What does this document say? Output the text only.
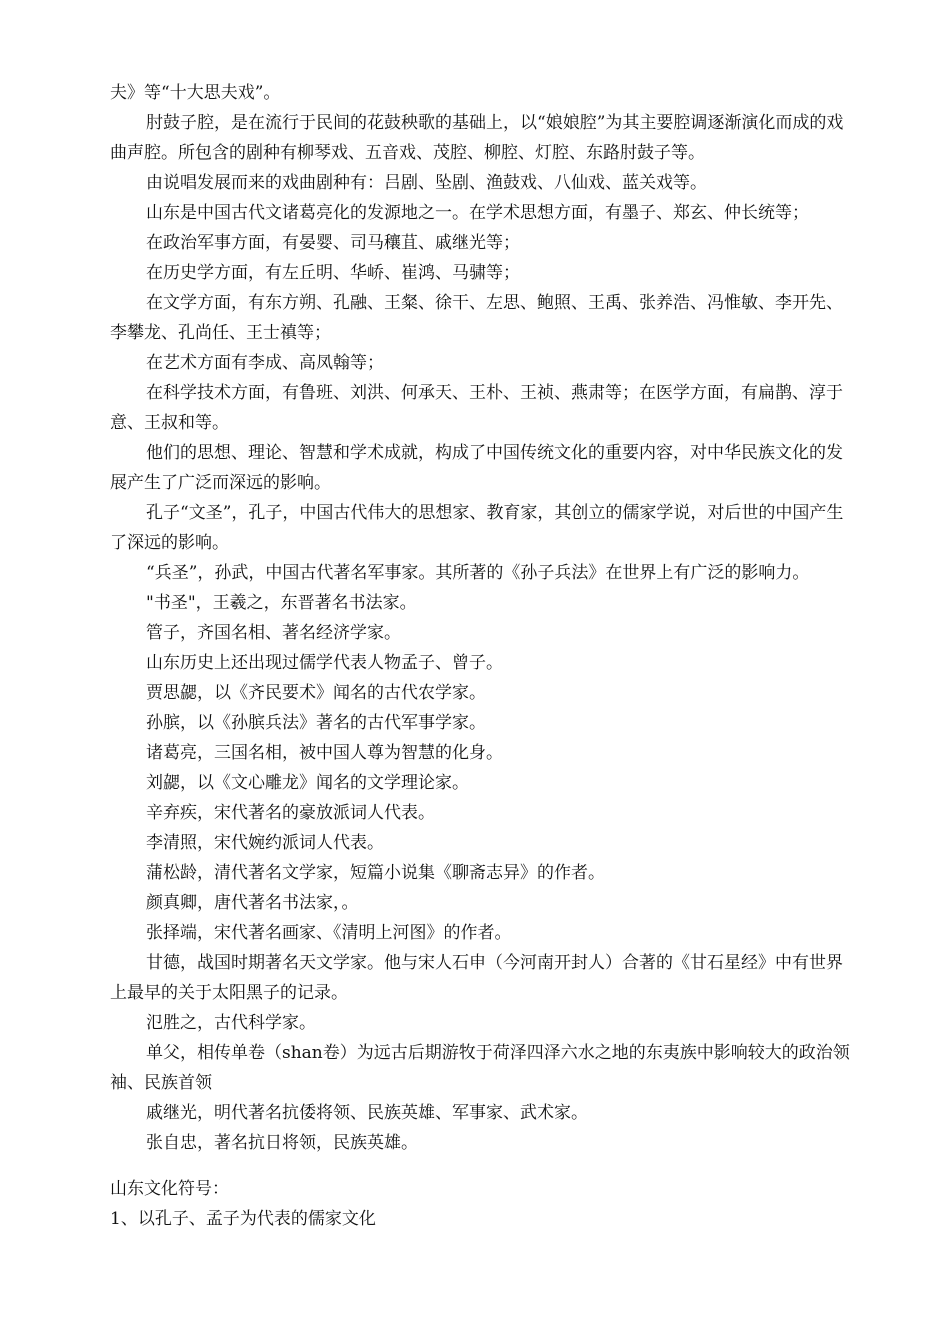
夫》等“十大思夫戏”。

肘鼓子腔，是在流行于民间的花鼓秧歌的基础上，以“娘娘腔”为其主要腔调逐渐演化而成的戏曲声腔。所包含的剧种有柳琴戏、五音戏、茂腔、柳腔、灯腔、东路肘鼓子等。

由说唱发展而来的戏曲剧种有：吕剧、坠剧、渔鼓戏、八仙戏、蓝关戏等。

山东是中国古代文诸葛亮化的发源地之一。在学术思想方面，有墨子、郑玄、仲长统等；

在政治军事方面，有晏婴、司马穰苴、戚继光等；

在历史学方面，有左丘明、华峤、崔鸿、马骕等；

在文学方面，有东方朔、孔融、王粲、徐干、左思、鲍照、王禹、张养浩、冯惟敏、李开先、李攀龙、孔尚任、王士禛等；

在艺术方面有李成、高凤翰等；

在科学技术方面，有鲁班、刘洪、何承天、王朴、王祯、燕肃等；在医学方面，有扁鹊、淳于意、王叔和等。

他们的思想、理论、智慧和学术成就，构成了中国传统文化的重要内容，对中华民族文化的发展产生了广泛而深远的影响。

孔子“文圣”，孔子，中国古代伟大的思想家、教育家，其创立的儒家学说，对后世的中国产生了深远的影响。

“兵圣”，孙武，中国古代著名军事家。其所著的《孙子兵法》在世界上有广泛的影响力。

"书圣"，王羲之，东晋著名书法家。

管子，齐国名相、著名经济学家。

山东历史上还出现过儒学代表人物孟子、曾子。

贾思勰，以《齐民要术》闻名的古代农学家。

孙膑，以《孙膑兵法》著名的古代军事学家。

诸葛亮，三国名相，被中国人尊为智慧的化身。

刘勰，以《文心雕龙》闻名的文学理论家。

辛弃疾，宋代著名的豪放派词人代表。

李清照，宋代婉约派词人代表。

蒲松龄，清代著名文学家，短篇小说集《聊斋志异》的作者。

颜真卿，唐代著名书法家，。

张择端，宋代著名画家、《清明上河图》的作者。

甘德，战国时期著名天文学家。他与宋人石申（今河南开封人）合著的《甘石星经》中有世界上最早的关于太阳黑子的记录。

氾胜之，古代科学家。

单父，相传单卷（shan卷）为远古后期游牧于荷泽四泽六水之地的东夷族中影响较大的政治领袖、民族首领

戚继光，明代著名抗倭将领、民族英雄、军事家、武术家。

张自忠，著名抗日将领，民族英雄。

山东文化符号：

1、以孔子、孟子为代表的儒家文化
